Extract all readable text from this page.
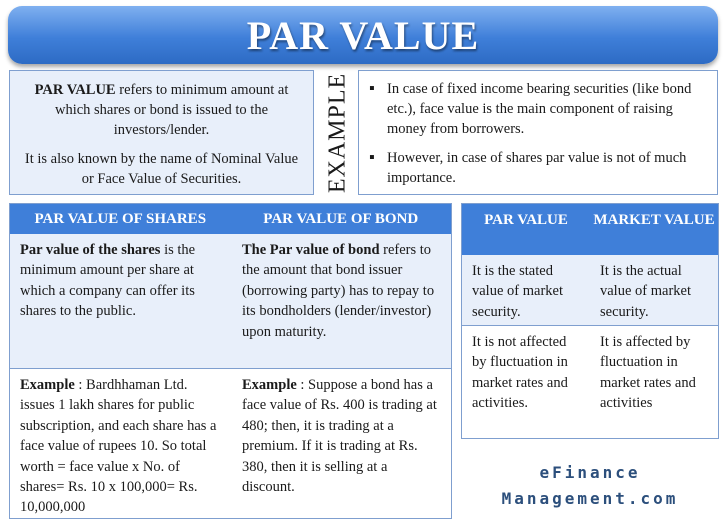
PAR VALUE

PAR VALUE refers to minimum amount at which shares or bond is issued to the investors/lender.

It is also known by the name of Nominal Value or Face Value of Securities.	EXAMPLE
▪	In case of fixed income bearing securities (like bond etc.), face value is the main component of raising money from borrowers.
▪ However, in case of shares par value is not of much importance.
PAR VALUE OF SHARES	PAR VALUE OF BOND
Par value of the shares is the minimum amount per share at which a company can offer its shares to the public.
The Par value of bond refers to the amount that bond issuer (borrowing party) has to repay to its bondholders (lender/investor) upon maturity.
Example : Bardhhaman Ltd. issues 1 lakh shares for public subscription, and each share has a face value of rupees 10. So total worth = face value x No. of shares= Rs. 10 x 100,000= Rs. 10,000,000
Example : Suppose a bond has a face value of Rs. 400 is trading at 480; then, it is trading at a premium. If it is trading at Rs. 380, then it is selling at a discount.
PAR VALUE	MARKET VALUE
It is the stated value of market security.
It is the actual value of market security.
It is not affected by fluctuation in market rates and activities.
It is affected by fluctuation in market rates and activities
eFinance
Management.com
